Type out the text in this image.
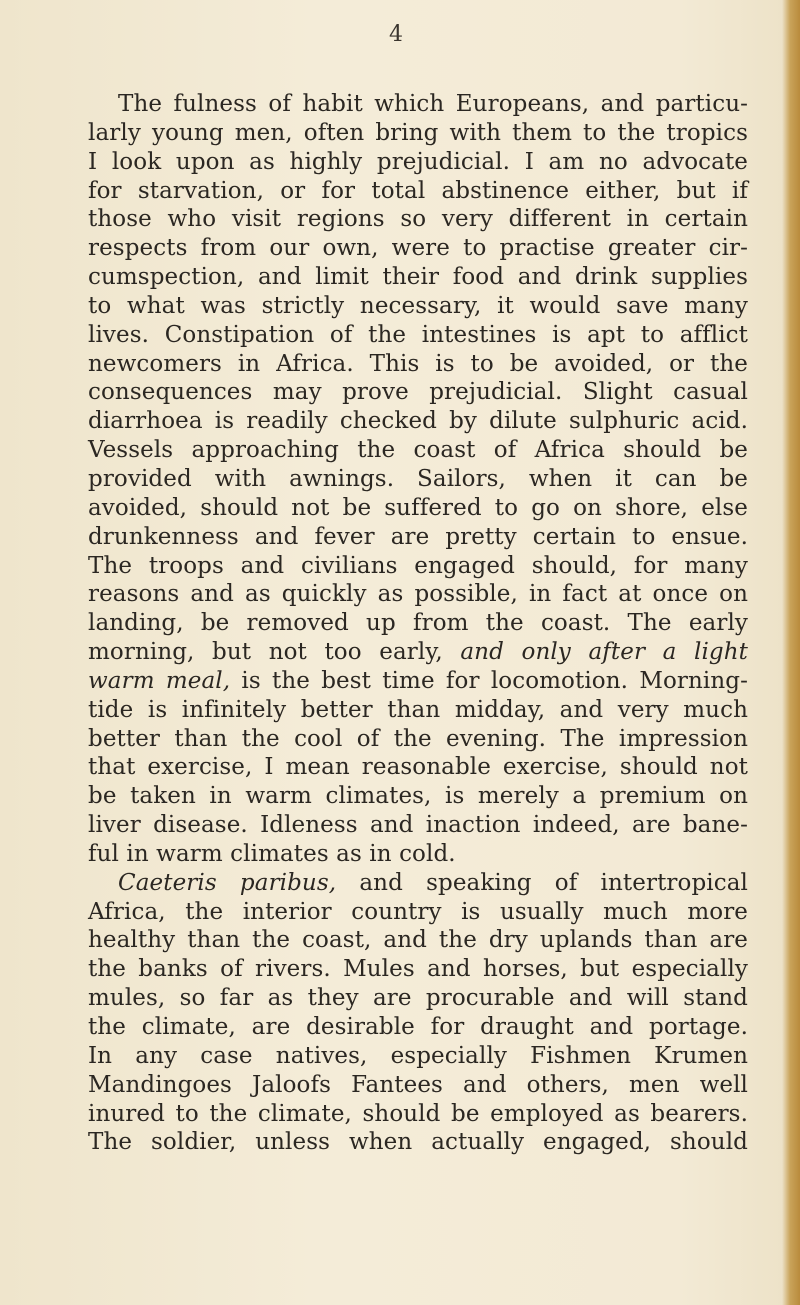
4
The fulness of habit which Europeans, and particu-
larly young men, often bring with them to the tropics
I look upon as highly prejudicial. I am no advocate
for starvation, or for total abstinence either, but if
those who visit regions so very different in certain
respects from our own, were to practise greater cir-
cumspection, and limit their food and drink supplies
to what was strictly necessary, it would save many
lives. Constipation of the intestines is apt to afflict
newcomers in Africa. This is to be avoided, or the
consequences may prove prejudicial. Slight casual
diarrhoea is readily checked by dilute sulphuric acid.
Vessels approaching the coast of Africa should be
provided with awnings. Sailors, when it can be
avoided, should not be suffered to go on shore, else
drunkenness and fever are pretty certain to ensue.
The troops and civilians engaged should, for many
reasons and as quickly as possible, in fact at once on
landing, be removed up from the coast. The early
morning, but not too early, and only after a light
warm meal, is the best time for locomotion. Morning-
tide is infinitely better than midday, and very much
better than the cool of the evening. The impression
that exercise, I mean reasonable exercise, should not
be taken in warm climates, is merely a premium on
liver disease. Idleness and inaction indeed, are bane-
ful in warm climates as in cold.
Caeteris paribus, and speaking of intertropical
Africa, the interior country is usually much more
healthy than the coast, and the dry uplands than are
the banks of rivers. Mules and horses, but especially
mules, so far as they are procurable and will stand
the climate, are desirable for draught and portage.
In any case natives, especially Fishmen Krumen
Mandingoes Jaloofs Fantees and others, men well
inured to the climate, should be employed as bearers.
The soldier, unless when actually engaged, should
